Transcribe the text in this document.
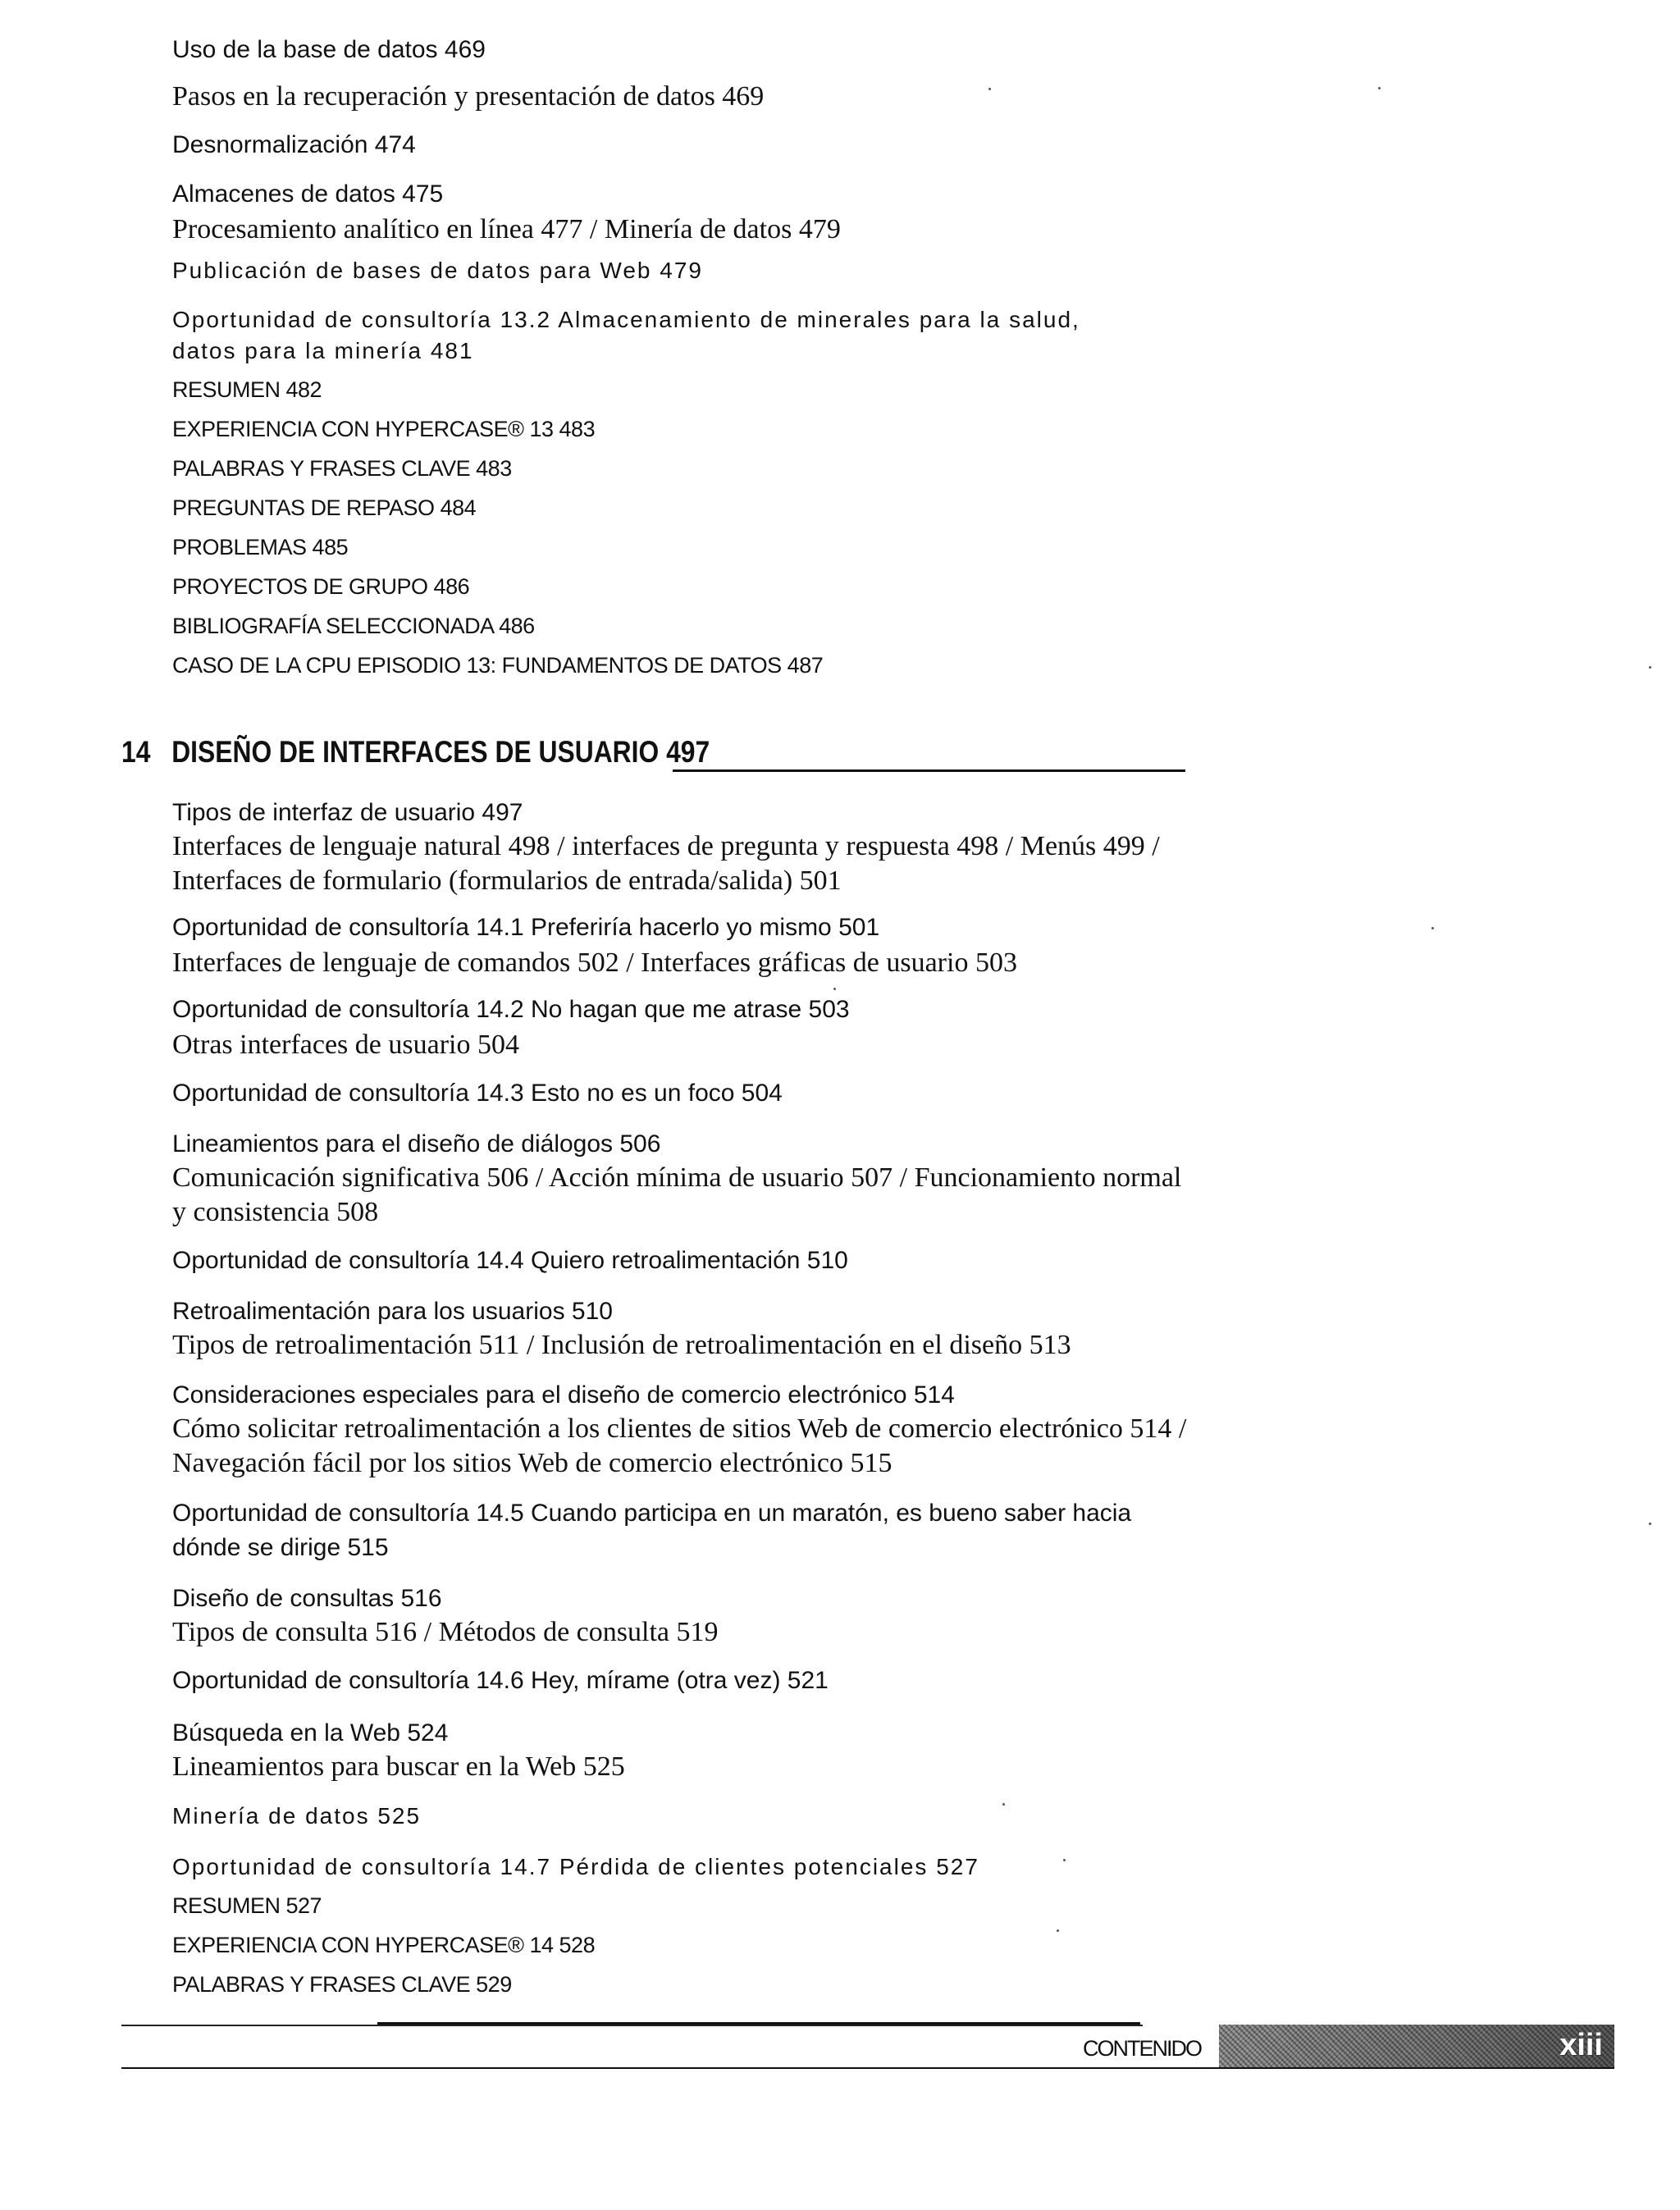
Uso de la base de datos 469
Pasos en la recuperación y presentación de datos 469
Desnormalización 474
Almacenes de datos 475
Procesamiento analítico en línea 477 / Minería de datos 479
Publicación de bases de datos para Web 479
Oportunidad de consultoría 13.2 Almacenamiento de minerales para la salud,
datos para la minería 481
RESUMEN 482
EXPERIENCIA CON HYPERCASE® 13 483
PALABRAS Y FRASES CLAVE 483
PREGUNTAS DE REPASO 484
PROBLEMAS 485
PROYECTOS DE GRUPO 486
BIBLIOGRAFÍA SELECCIONADA 486
CASO DE LA CPU EPISODIO 13: FUNDAMENTOS DE DATOS 487
14 DISEÑO DE INTERFACES DE USUARIO 497
Tipos de interfaz de usuario 497
Interfaces de lenguaje natural 498 / interfaces de pregunta y respuesta 498 / Menús 499 /
Interfaces de formulario (formularios de entrada/salida) 501
Oportunidad de consultoría 14.1 Preferiría hacerlo yo mismo 501
Interfaces de lenguaje de comandos 502 / Interfaces gráficas de usuario 503
Oportunidad de consultoría 14.2 No hagan que me atrase 503
Otras interfaces de usuario 504
Oportunidad de consultoría 14.3 Esto no es un foco 504
Lineamientos para el diseño de diálogos 506
Comunicación significativa 506 / Acción mínima de usuario 507 / Funcionamiento normal
y consistencia 508
Oportunidad de consultoría 14.4 Quiero retroalimentación 510
Retroalimentación para los usuarios 510
Tipos de retroalimentación 511 / Inclusión de retroalimentación en el diseño 513
Consideraciones especiales para el diseño de comercio electrónico 514
Cómo solicitar retroalimentación a los clientes de sitios Web de comercio electrónico 514 /
Navegación fácil por los sitios Web de comercio electrónico 515
Oportunidad de consultoría 14.5 Cuando participa en un maratón, es bueno saber hacia
dónde se dirige 515
Diseño de consultas 516
Tipos de consulta 516 / Métodos de consulta 519
Oportunidad de consultoría 14.6 Hey, mírame (otra vez) 521
Búsqueda en la Web 524
Lineamientos para buscar en la Web 525
Minería de datos 525
Oportunidad de consultoría 14.7 Pérdida de clientes potenciales 527
RESUMEN 527
EXPERIENCIA CON HYPERCASE® 14 528
PALABRAS Y FRASES CLAVE 529
CONTENIDO	xiii
